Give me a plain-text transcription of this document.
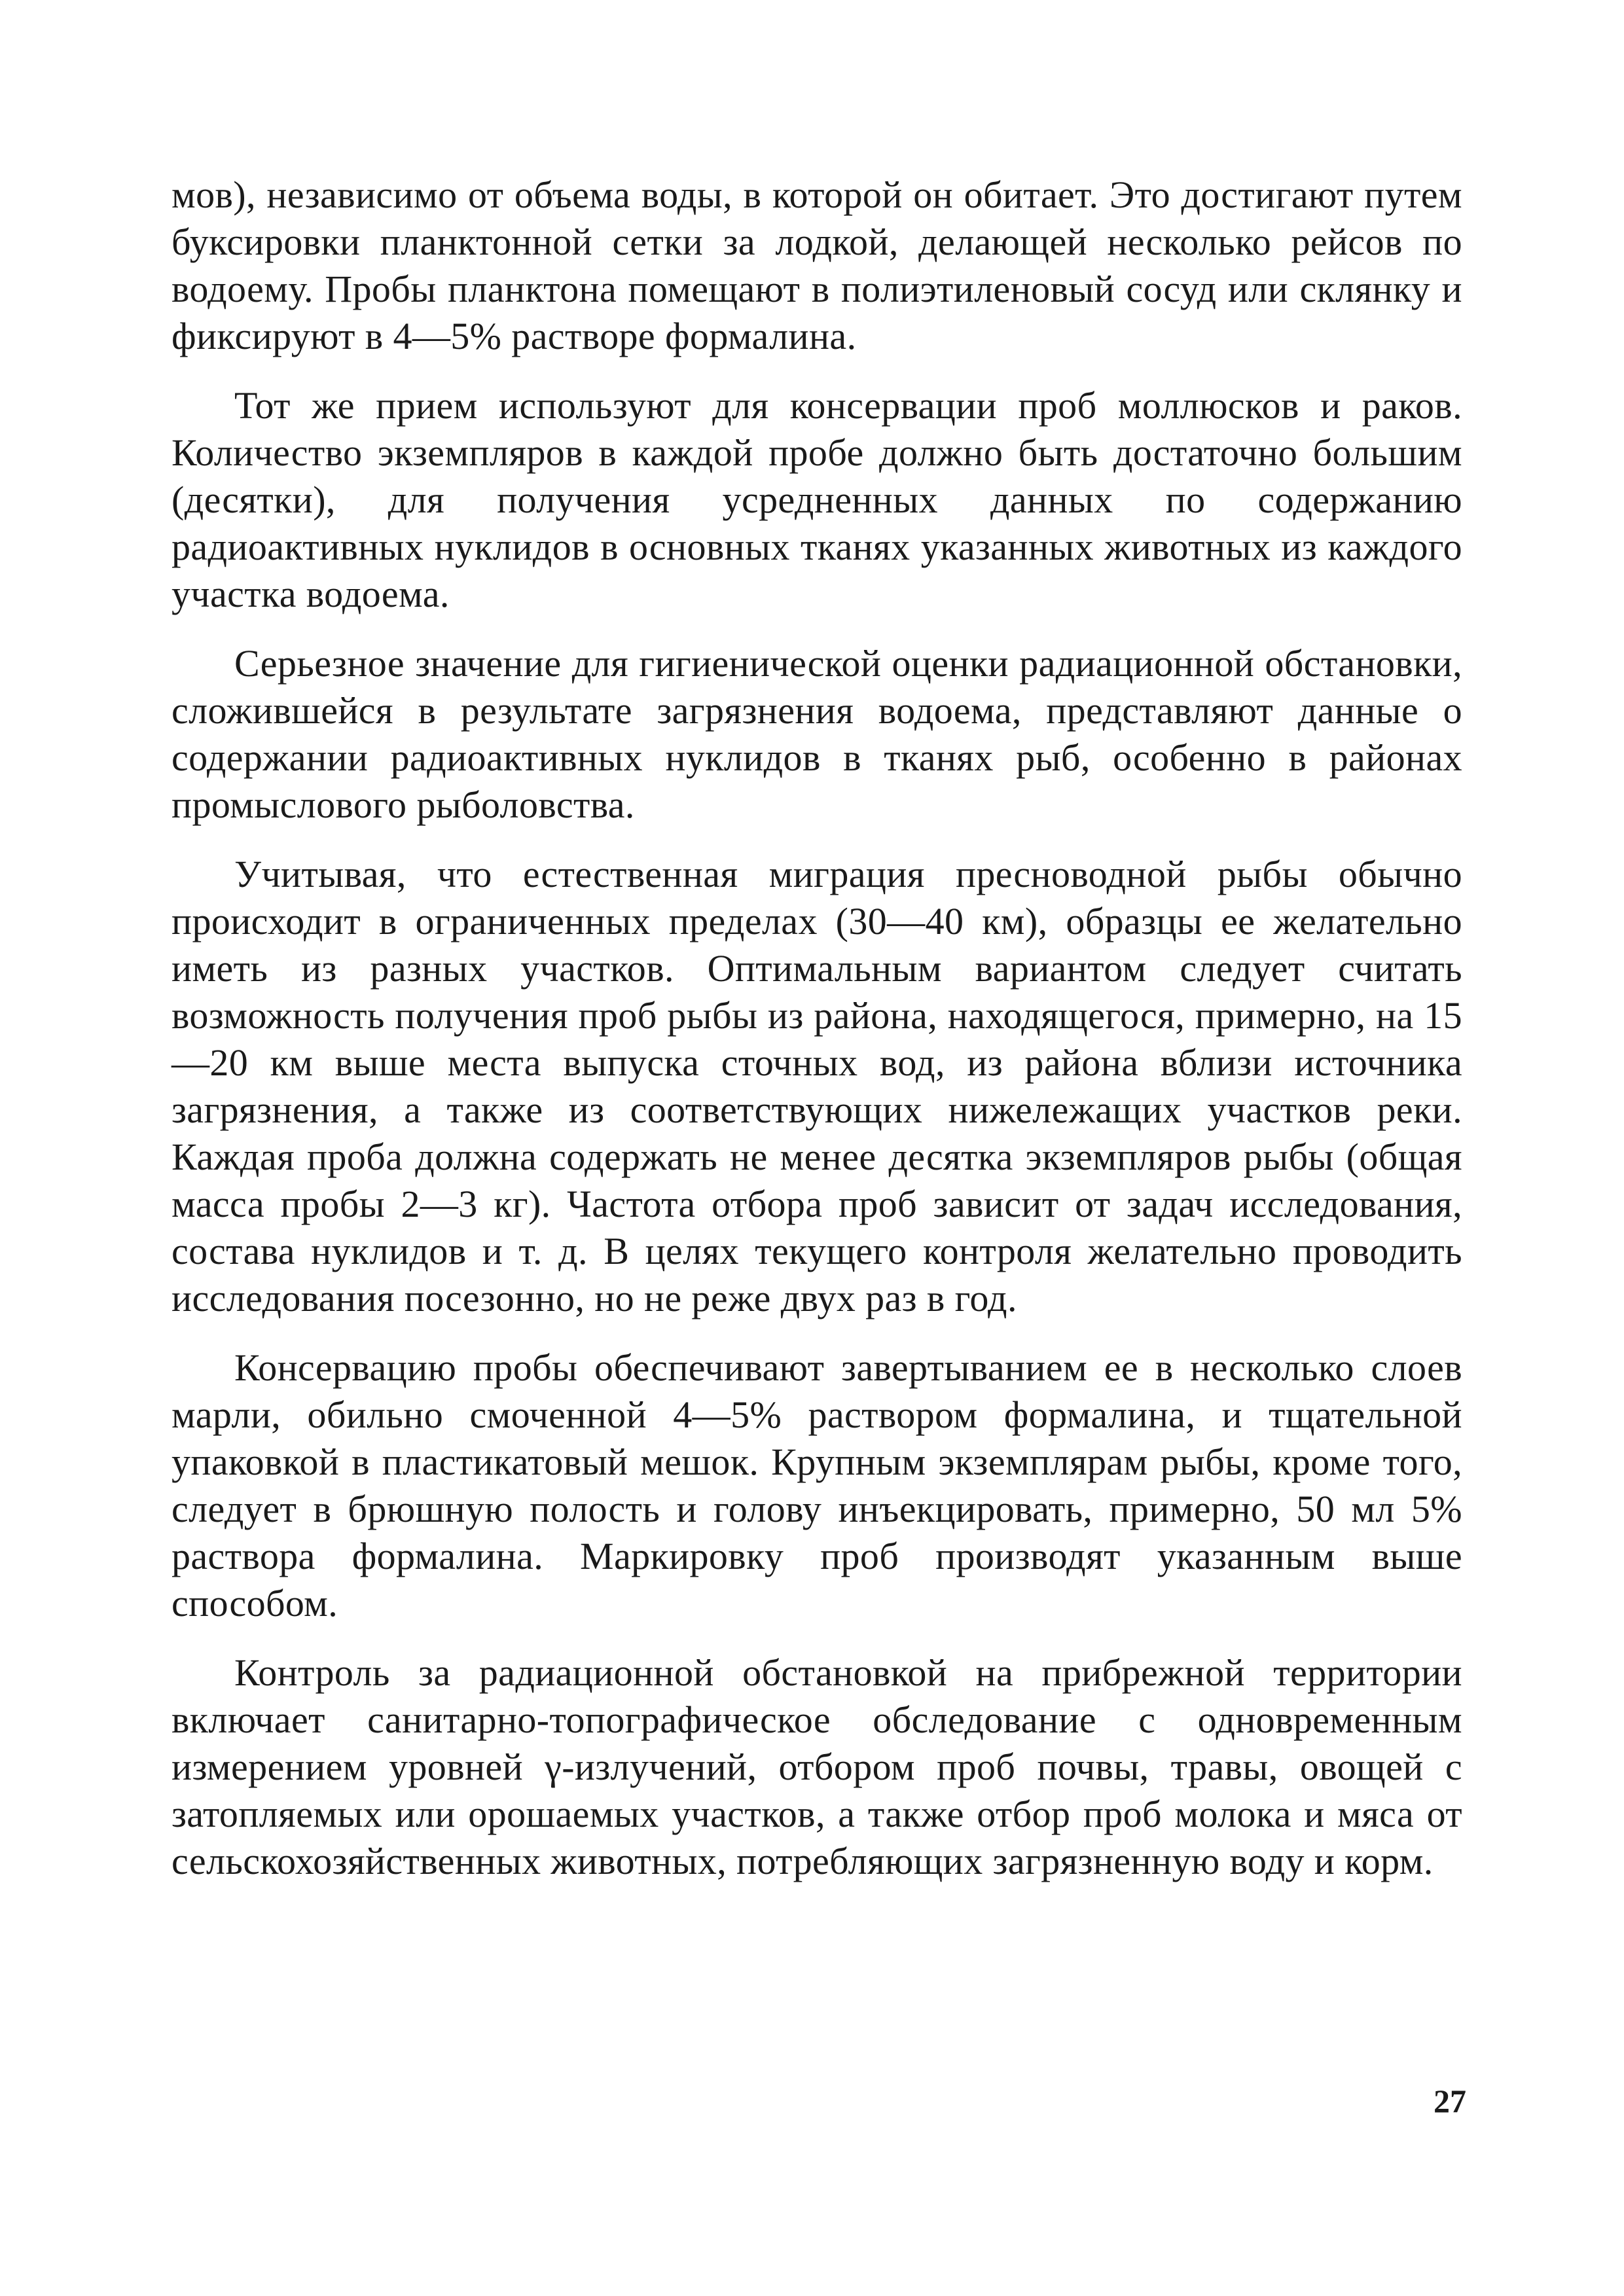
мов), независимо от объема воды, в которой он обитает. Это достигают путем буксировки планктонной сетки за лодкой, делающей несколько рейсов по водоему. Пробы планктона помещают в полиэтиленовый сосуд или склянку и фиксируют в 4—5% растворе формалина.

Тот же прием используют для консервации проб моллюсков и раков. Количество экземпляров в каждой пробе должно быть достаточно большим (десятки), для получения усредненных данных по содержанию радиоактивных нуклидов в основных тканях указанных животных из каждого участка водоема.

Серьезное значение для гигиенической оценки радиационной обстановки, сложившейся в результате загрязнения водоема, представляют данные о содержании радиоактивных нуклидов в тканях рыб, особенно в районах промыслового рыболовства.

Учитывая, что естественная миграция пресноводной рыбы обычно происходит в ограниченных пределах (30—40 км), образцы ее желательно иметь из разных участков. Оптимальным вариантом следует считать возможность получения проб рыбы из района, находящегося, примерно, на 15—20 км выше места выпуска сточных вод, из района вблизи источника загрязнения, а также из соответствующих нижележащих участков реки. Каждая проба должна содержать не менее десятка экземпляров рыбы (общая масса пробы 2—3 кг). Частота отбора проб зависит от задач исследования, состава нуклидов и т. д. В целях текущего контроля желательно проводить исследования посезонно, но не реже двух раз в год.

Консервацию пробы обеспечивают завертыванием ее в несколько слоев марли, обильно смоченной 4—5% раствором формалина, и тщательной упаковкой в пластикатовый мешок. Крупным экземплярам рыбы, кроме того, следует в брюшную полость и голову инъекцировать, примерно, 50 мл 5% раствора формалина. Маркировку проб производят указанным выше способом.

Контроль за радиационной обстановкой на прибрежной территории включает санитарно-топографическое обследование с одновременным измерением уровней γ-излучений, отбором проб почвы, травы, овощей с затопляемых или орошаемых участков, а также отбор проб молока и мяса от сельскохозяйственных животных, потребляющих загрязненную воду и корм.

27
